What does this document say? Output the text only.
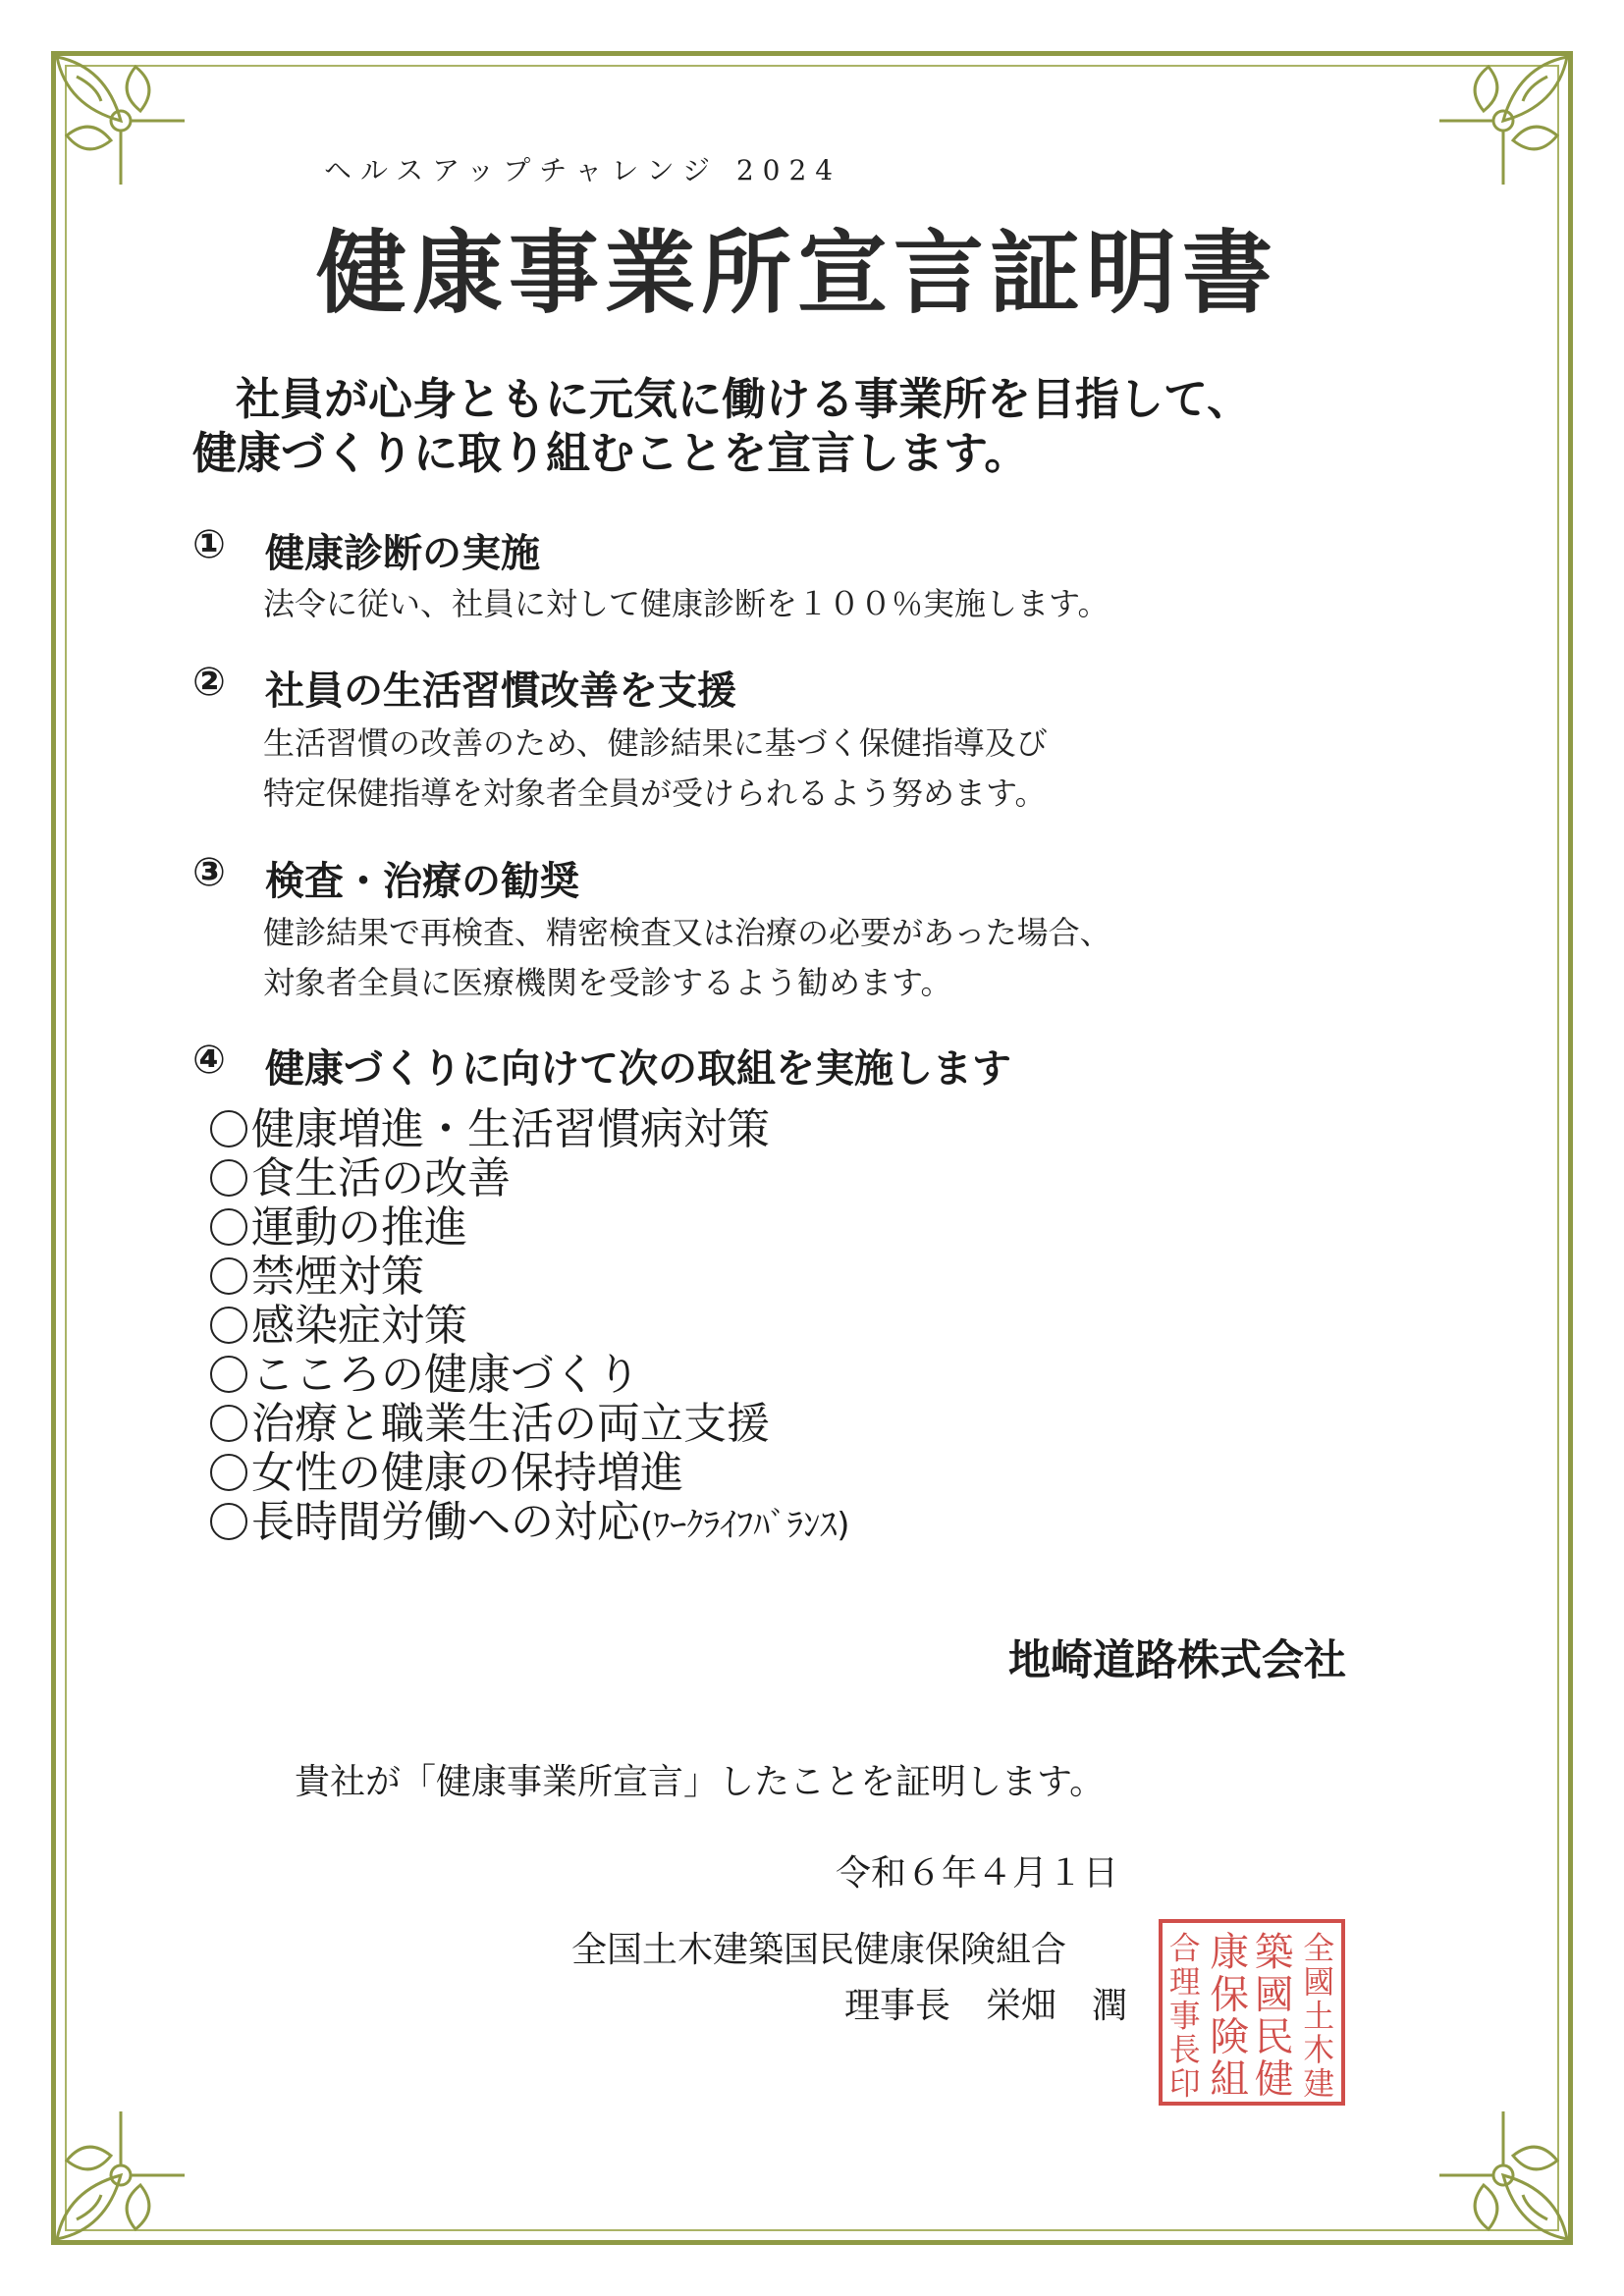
ヘルスアップチャレンジ 2024
健康事業所宣言証明書
社員が心身ともに元気に働ける事業所を目指して、
健康づくりに取り組むことを宣言します。
① 健康診断の実施
法令に従い、社員に対して健康診断を１００％実施します。
② 社員の生活習慣改善を支援
生活習慣の改善のため、健診結果に基づく保健指導及び
特定保健指導を対象者全員が受けられるよう努めます。
③ 検査・治療の勧奨
健診結果で再検査、精密検査又は治療の必要があった場合、
対象者全員に医療機関を受診するよう勧めます。
④ 健康づくりに向けて次の取組を実施します
健康増進・生活習慣病対策
食生活の改善
運動の推進
禁煙対策
感染症対策
こころの健康づくり
治療と職業生活の両立支援
女性の健康の保持増進
長時間労働への対応(ﾜｰｸﾗｲﾌﾊﾞﾗﾝｽ)
地崎道路株式会社
貴社が「健康事業所宣言」したことを証明します。
令和６年４月１日
全国土木建築国民健康保険組合
理事長　栄畑　潤
全
國
土
木
建
築
國
民
健
康
保
険
組
合
理
事
長
印
